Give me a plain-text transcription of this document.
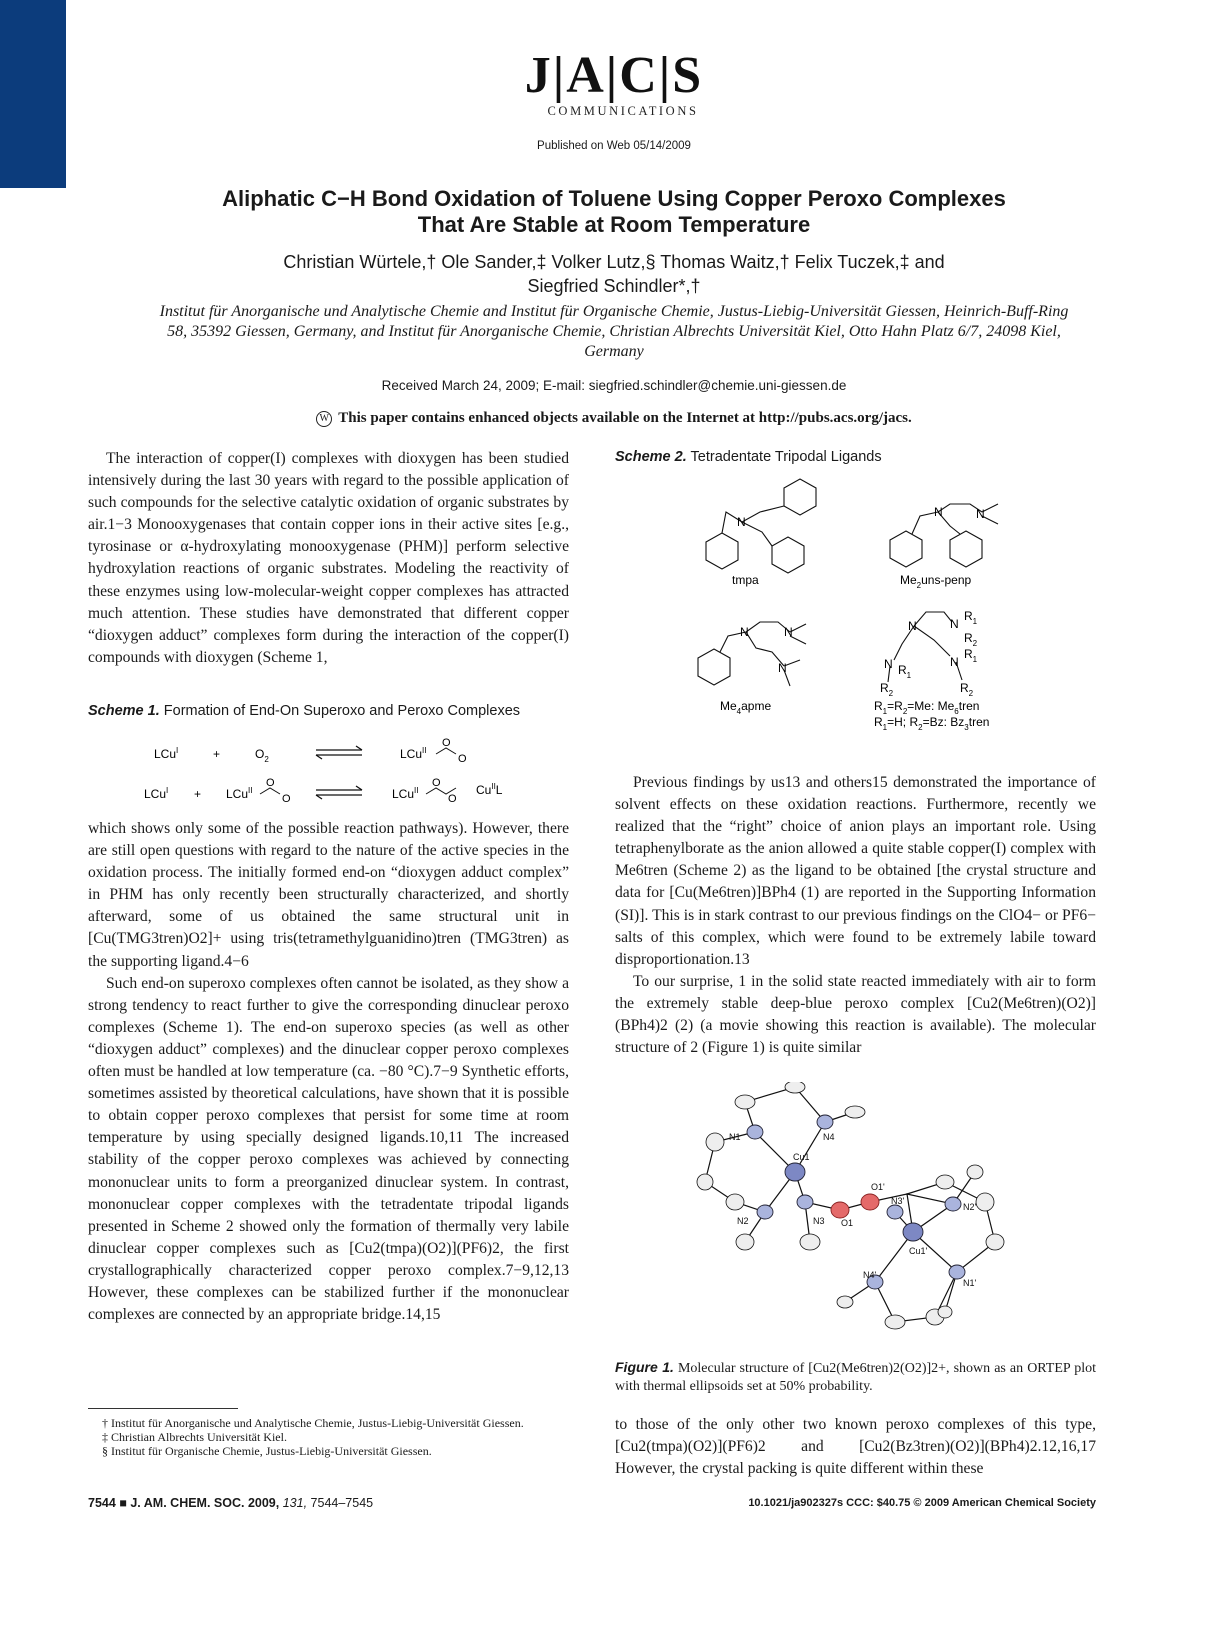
J|A|C|S
COMMUNICATIONS
Published on Web 05/14/2009
Aliphatic C−H Bond Oxidation of Toluene Using Copper Peroxo Complexes
That Are Stable at Room Temperature
Christian Würtele,† Ole Sander,‡ Volker Lutz,§ Thomas Waitz,† Felix Tuczek,‡ and
Siegfried Schindler*,†
Institut für Anorganische und Analytische Chemie and Institut für Organische Chemie, Justus-Liebig-Universität Giessen, Heinrich-Buff-Ring 58, 35392 Giessen, Germany, and Institut für Anorganische Chemie, Christian Albrechts Universität Kiel, Otto Hahn Platz 6/7, 24098 Kiel, Germany
Received March 24, 2009; E-mail: siegfried.schindler@chemie.uni-giessen.de
W This paper contains enhanced objects available on the Internet at http://pubs.acs.org/jacs.

The interaction of copper(I) complexes with dioxygen has been studied intensively during the last 30 years with regard to the possible application of such compounds for the selective catalytic oxidation of organic substrates by air.1−3 Monooxygenases that contain copper ions in their active sites [e.g., tyrosinase or α-hydroxylating monooxygenase (PHM)] perform selective hydroxylation reactions of organic substrates. Modeling the reactivity of these enzymes using low-molecular-weight copper complexes has attracted much attention. These studies have demonstrated that different copper “dioxygen adduct” complexes form during the interaction of the copper(I) compounds with dioxygen (Scheme 1,

Scheme 1. Formation of End-On Superoxo and Peroxo Complexes
LCu$^I$	+	$O_2$	LCu$^{II}$
O
O
LCu$^I$ + LCu$^{II}$
O
O	LCu$^{II}$
O
O
$Cu^{II}L$

which shows only some of the possible reaction pathways). However, there are still open questions with regard to the nature of the active species in the oxidation process. The initially formed end-on “dioxygen adduct complex” in PHM has only recently been structurally characterized, and shortly afterward, some of us obtained the same structural unit in [Cu(TMG3tren)O2]+ using tris(tetramethylguanidino)tren (TMG3tren) as the supporting ligand.4−6

Such end-on superoxo complexes often cannot be isolated, as they show a strong tendency to react further to give the corresponding dinuclear peroxo complexes (Scheme 1). The end-on superoxo species (as well as other “dioxygen adduct” complexes) and the dinuclear copper peroxo complexes often must be handled at low temperature (ca. −80 °C).7−9 Synthetic efforts, sometimes assisted by theoretical calculations, have shown that it is possible to obtain copper peroxo complexes that persist for some time at room temperature by using specially designed ligands.10,11 The increased stability of the copper peroxo complexes was achieved by connecting mononuclear units to form a preorganized dinuclear system. In contrast, mononuclear copper complexes with the tetradentate tripodal ligands presented in Scheme 2 showed only the formation of thermally very labile dinuclear copper complexes such as [Cu2(tmpa)(O2)](PF6)2, the first crystallographically characterized copper peroxo complex.7−9,12,13 However, these complexes can be stabilized further if the mononuclear complexes are connected by an appropriate bridge.14,15

† Institut für Anorganische und Analytische Chemie, Justus-Liebig-Universität Giessen.
‡ Christian Albrechts Universität Kiel.
§ Institut für Organische Chemie, Justus-Liebig-Universität Giessen.
Scheme 2. Tetradentate Tripodal Ligands
N
tmpa
N	N
$Me_2uns$-penp
N	N
N
$Me_4apme$
N	N
$R_1$
$R_2$
N $R_1$
$R_2$
N
$R_1$
$R_2$
$R_1=R_2=Me$: $Me_6tren$
$R_1=H$; $R_2=Bz$: $Bz_3tren$

Previous findings by us13 and others15 demonstrated the importance of solvent effects on these oxidation reactions. Furthermore, recently we realized that the “right” choice of anion plays an important role. Using tetraphenylborate as the anion allowed a quite stable copper(I) complex with Me6tren (Scheme 2) as the ligand to be obtained [the crystal structure and data for [Cu(Me6tren)]BPh4 (1) are reported in the Supporting Information (SI)]. This is in stark contrast to our previous findings on the ClO4− or PF6− salts of this complex, which were found to be extremely labile toward disproportionation.13

To our surprise, 1 in the solid state reacted immediately with air to form the extremely stable deep-blue peroxo complex [Cu2(Me6tren)(O2)](BPh4)2 (2) (a movie showing this reaction is available). The molecular structure of 2 (Figure 1) is quite similar

N1
N2	N3
N4
Cu1
O1
O1'
N1'
N2'
N3'
N4'
Cu1'
Figure 1. Molecular structure of [Cu2(Me6tren)2(O2)]2+, shown as an ORTEP plot with thermal ellipsoids set at 50% probability.

to those of the only other two known peroxo complexes of this type, [Cu2(tmpa)(O2)](PF6)2 and [Cu2(Bz3tren)(O2)](BPh4)2.12,16,17 However, the crystal packing is quite different within these

7544 ■ J. AM. CHEM. SOC. 2009, 131, 7544–7545	10.1021/ja902327s CCC: $40.75 © 2009 American Chemical Society
